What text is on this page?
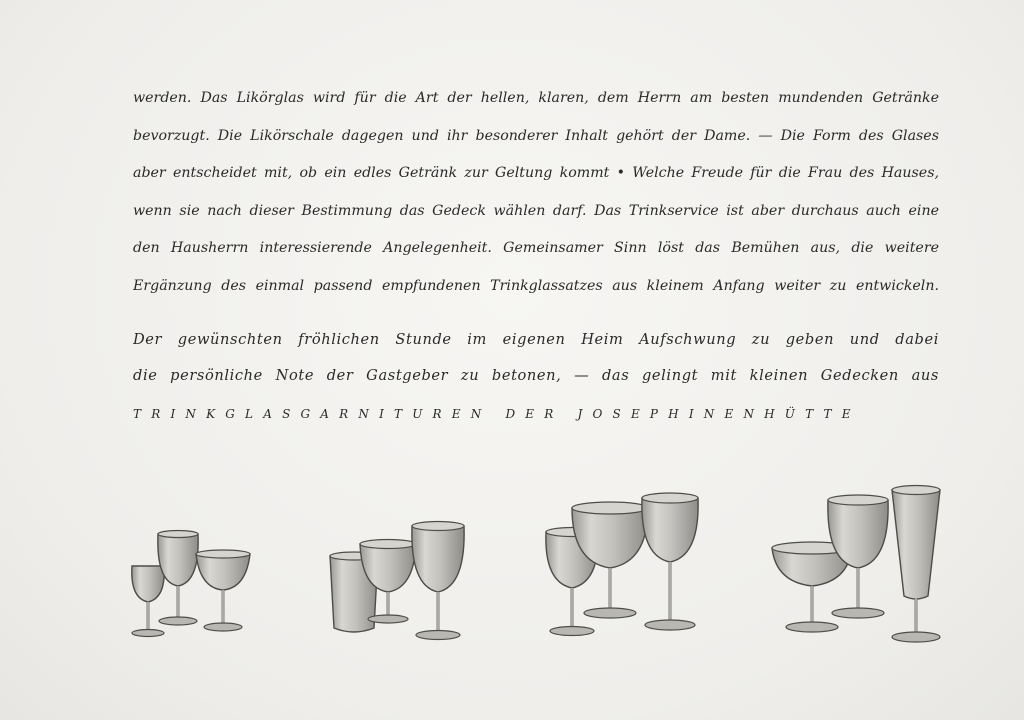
werden. Das Likörglas wird für die Art der hellen, klaren, dem Herrn am besten mundenden Getränke
bevorzugt. Die Likörschale dagegen und ihr besonderer Inhalt gehört der Dame. — Die Form des Glases
aber entscheidet mit, ob ein edles Getränk zur Geltung kommt • Welche Freude für die Frau des Hauses,
wenn sie nach dieser Bestimmung das Gedeck wählen darf. Das Trinkservice ist aber durchaus auch eine
den Hausherrn interessierende Angelegenheit. Gemeinsamer Sinn löst das Bemühen aus, die weitere
Ergänzung des einmal passend empfundenen Trinkglassatzes aus kleinem Anfang weiter zu entwickeln.
Der gewünschten fröhlichen Stunde im eigenen Heim Aufschwung zu geben und dabei
die persönliche Note der Gastgeber zu betonen, — das gelingt mit kleinen Gedecken aus
TRINKGLASGARNITUREN DER JOSEPHINENHÜTTE
